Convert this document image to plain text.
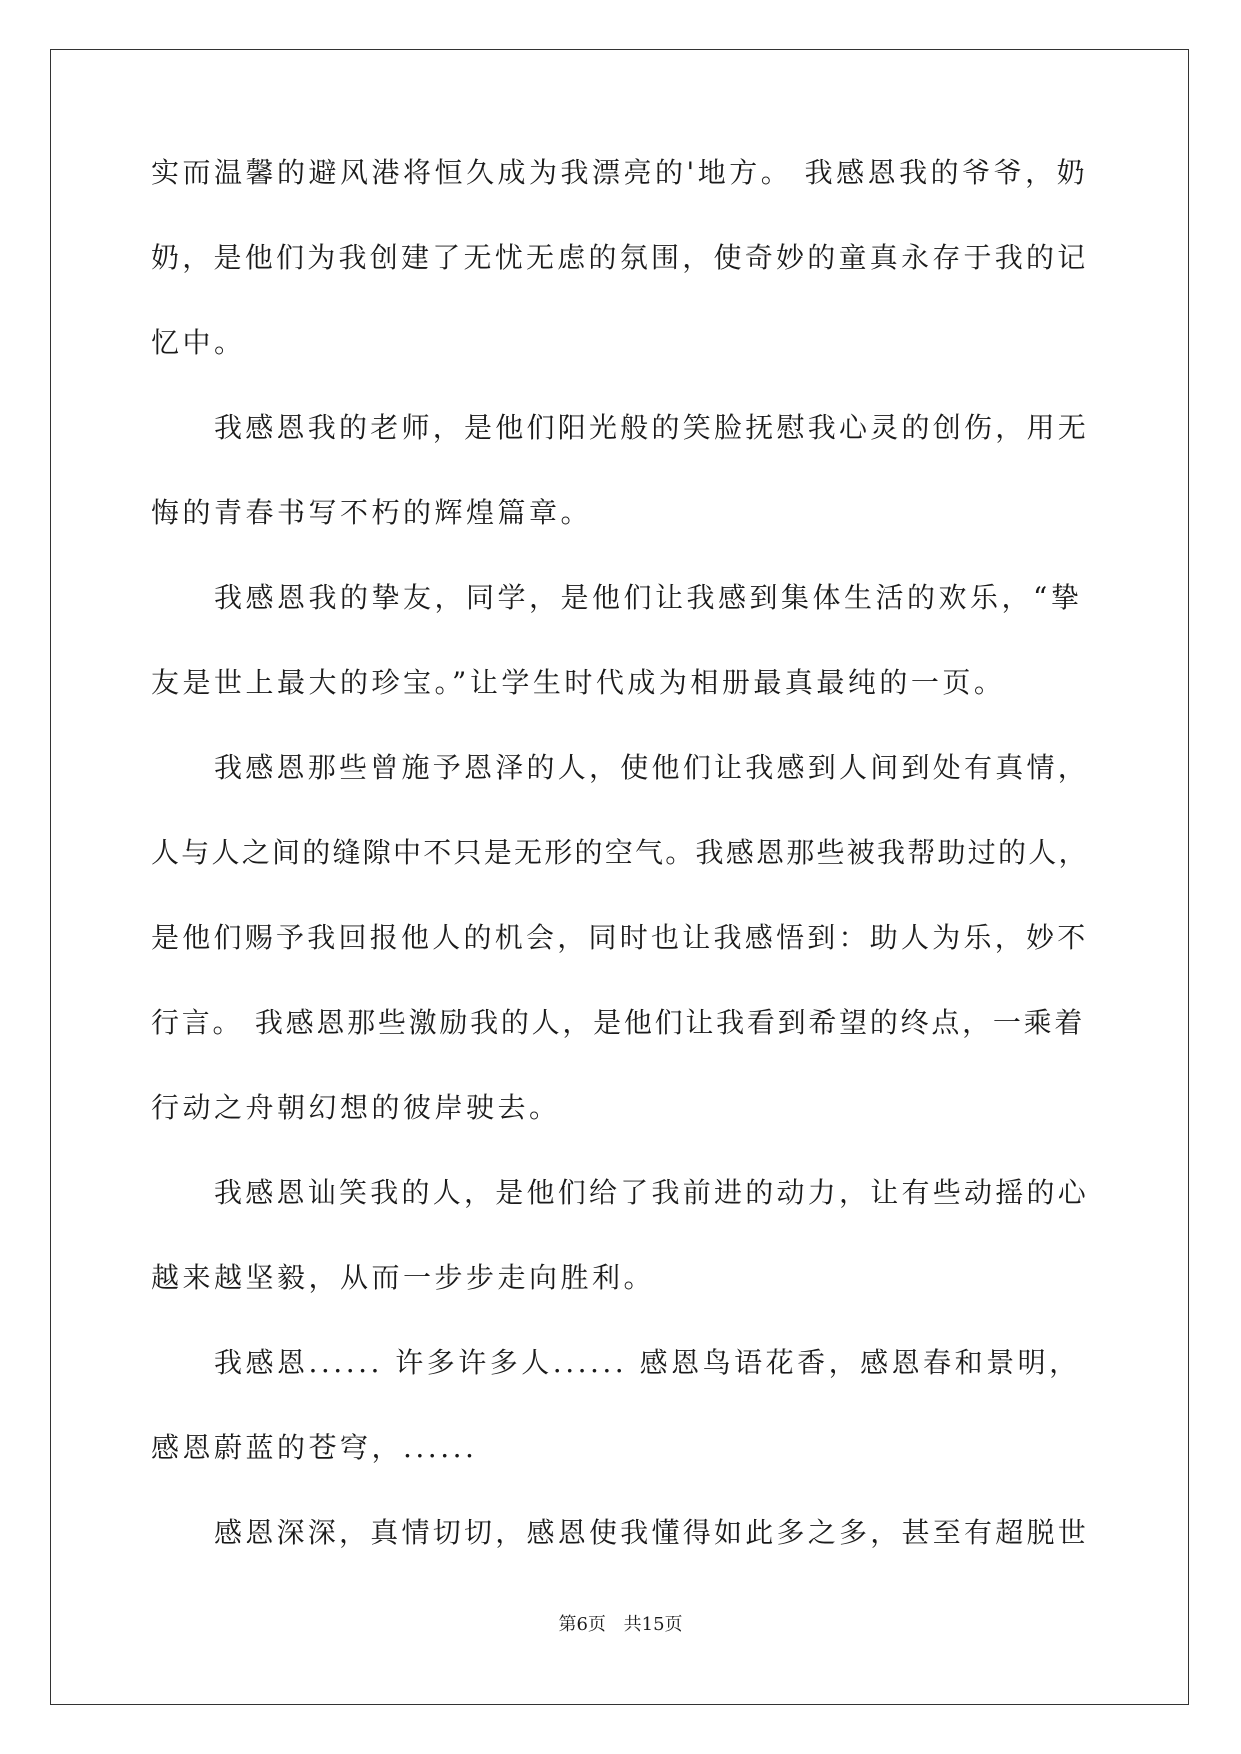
实而温馨的避风港将恒久成为我漂亮的'地方。 我感恩我的爷爷，奶
奶，是他们为我创建了无忧无虑的氛围，使奇妙的童真永存于我的记
忆中。
我感恩我的老师，是他们阳光般的笑脸抚慰我心灵的创伤，用无
悔的青春书写不朽的辉煌篇章。
我感恩我的挚友，同学，是他们让我感到集体生活的欢乐，“挚
友是世上最大的珍宝。”让学生时代成为相册最真最纯的一页。
我感恩那些曾施予恩泽的人，使他们让我感到人间到处有真情，
人与人之间的缝隙中不只是无形的空气。我感恩那些被我帮助过的人，
是他们赐予我回报他人的机会，同时也让我感悟到：助人为乐，妙不
行言。 我感恩那些激励我的人，是他们让我看到希望的终点，一乘着
行动之舟朝幻想的彼岸驶去。
我感恩讪笑我的人，是他们给了我前进的动力，让有些动摇的心
越来越坚毅，从而一步步走向胜利。
我感恩...... 许多许多人...... 感恩鸟语花香，感恩春和景明，
感恩蔚蓝的苍穹，......
感恩深深，真情切切，感恩使我懂得如此多之多，甚至有超脱世
第6页 共15页
